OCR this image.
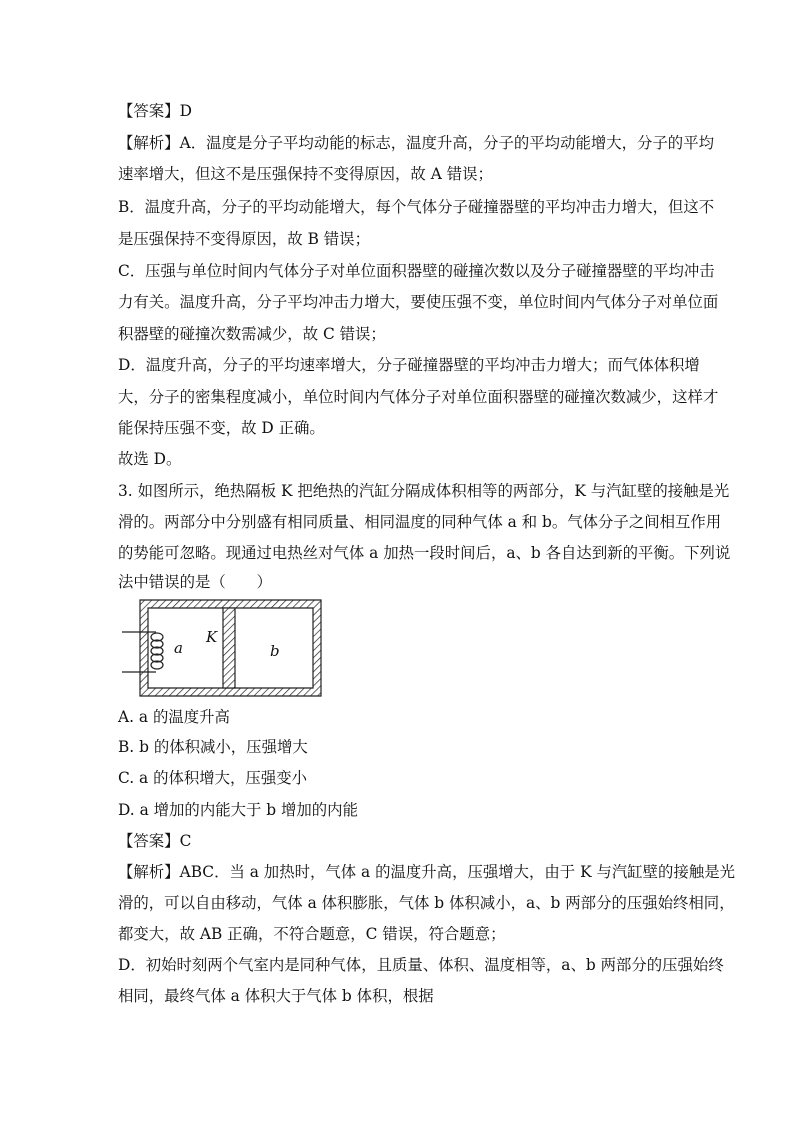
【答案】D
【解析】A．温度是分子平均动能的标志，温度升高，分子的平均动能增大，分子的平均
速率增大，但这不是压强保持不变得原因，故 A 错误；
B．温度升高，分子的平均动能增大，每个气体分子碰撞器壁的平均冲击力增大，但这不
是压强保持不变得原因，故 B 错误；
C．压强与单位时间内气体分子对单位面积器壁的碰撞次数以及分子碰撞器壁的平均冲击
力有关。温度升高，分子平均冲击力增大，要使压强不变，单位时间内气体分子对单位面
积器壁的碰撞次数需减少，故 C 错误；
D．温度升高，分子的平均速率增大，分子碰撞器壁的平均冲击力增大；而气体体积增
大，分子的密集程度减小，单位时间内气体分子对单位面积器壁的碰撞次数减少，这样才
能保持压强不变，故 D 正确。
故选 D。
3. 如图所示，绝热隔板 K 把绝热的汽缸分隔成体积相等的两部分，K 与汽缸壁的接触是光
滑的。两部分中分别盛有相同质量、相同温度的同种气体 a 和 b。气体分子之间相互作用
的势能可忽略。现通过电热丝对气体 a 加热一段时间后，a、b 各自达到新的平衡。下列说
法中错误的是（　　）
a
K
b
A. a 的温度升高
B. b 的体积减小，压强增大
C. a 的体积增大，压强变小
D. a 增加的内能大于 b 增加的内能
【答案】C
【解析】ABC．当 a 加热时，气体 a 的温度升高，压强增大，由于 K 与汽缸壁的接触是光
滑的，可以自由移动，气体 a 体积膨胀，气体 b 体积减小，a、b 两部分的压强始终相同，
都变大，故 AB 正确，不符合题意，C 错误，符合题意；
D．初始时刻两个气室内是同种气体，且质量、体积、温度相等，a、b 两部分的压强始终
相同，最终气体 a 体积大于气体 b 体积，根据
